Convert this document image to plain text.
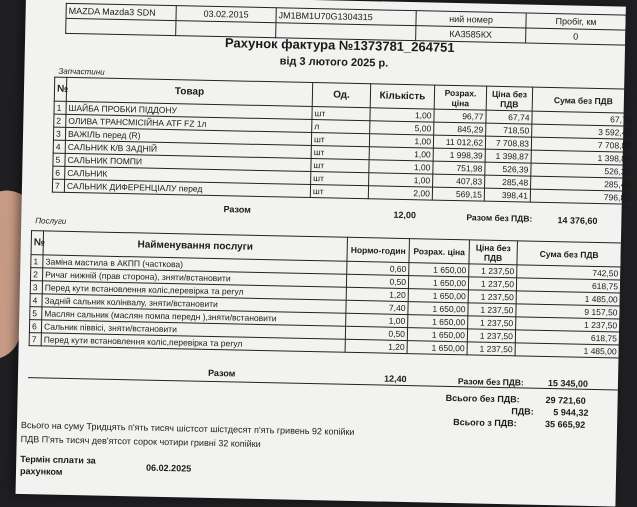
MAZDA Mazda3 SDN	03.02.2015	JM1BM1U70G1304315	ний номер	Пробіг, км
			КА3585КХ	0
Рахунок фактура №1373781_264751
від 3 лютого 2025 р.
Запчастини
№	Товар	Од.	Кількість	Розрах. ціна	Ціна без ПДВ	Сума без ПДВ
1	ШАЙБА ПРОБКИ ПІДДОНУ	шт	1,00	96,77	67,74	67,74
2	ОЛИВА ТРАНСМІСІЙНА ATF FZ 1л	л	5,00	845,29	718,50	3 592,48
3	ВАЖІЛЬ перед (R)	шт	1,00	11 012,62	7 708,83	7 708,83
4	САЛЬНИК К/В ЗАДНІЙ	шт	1,00	1 998,39	1 398,87	1 398,87
5	САЛЬНИК ПОМПИ	шт	1,00	751,98	526,39	526,39
6	САЛЬНИК	шт	1,00	407,83	285,48	285,48
7	САЛЬНИК ДИФЕРЕНЦІАЛУ перед	шт	2,00	569,15	398,41	796,81
Разом
12,00	Разом без ПДВ:	14 376,60
Послуги
№	Найменування послуги	Нормо-годин	Розрах. ціна	Ціна без ПДВ	Сума без ПДВ
1	Заміна мастила в АКПП (часткова)	0,60	1 650,00	1 237,50	742,50
2	Ричаг нижній (прав сторона), зняти/встановити	0,50	1 650,00	1 237,50	618,75
3	Перед кути встановлення коліс,перевірка та регул	1,20	1 650,00	1 237,50	1 485,00
4	Задній сальник колінвалу, зняти/встановити	7,40	1 650,00	1 237,50	9 157,50
5	Маслян сальник (маслян помпа передн ),зняти/встановити	1,00	1 650,00	1 237,50	1 237,50
6	Сальник піввісі, зняти/встановити	0,50	1 650,00	1 237,50	618,75
7	Перед кути встановлення коліс,перевірка та регул	1,20	1 650,00	1 237,50	1 485,00
Разом
12,40	Разом без ПДВ:	15 345,00
Всього без ПДВ:	29 721,60
ПДВ: 5 944,32
Всього з ПДВ:	35 665,92
Всього на суму Тридцять п'ять тисяч шістсот шістдесят п'ять гривень 92 копійки
ПДВ П'ять тисяч дев'ятсот сорок чотири гривні 32 копійки
Термін сплати за
рахунком	06.02.2025
